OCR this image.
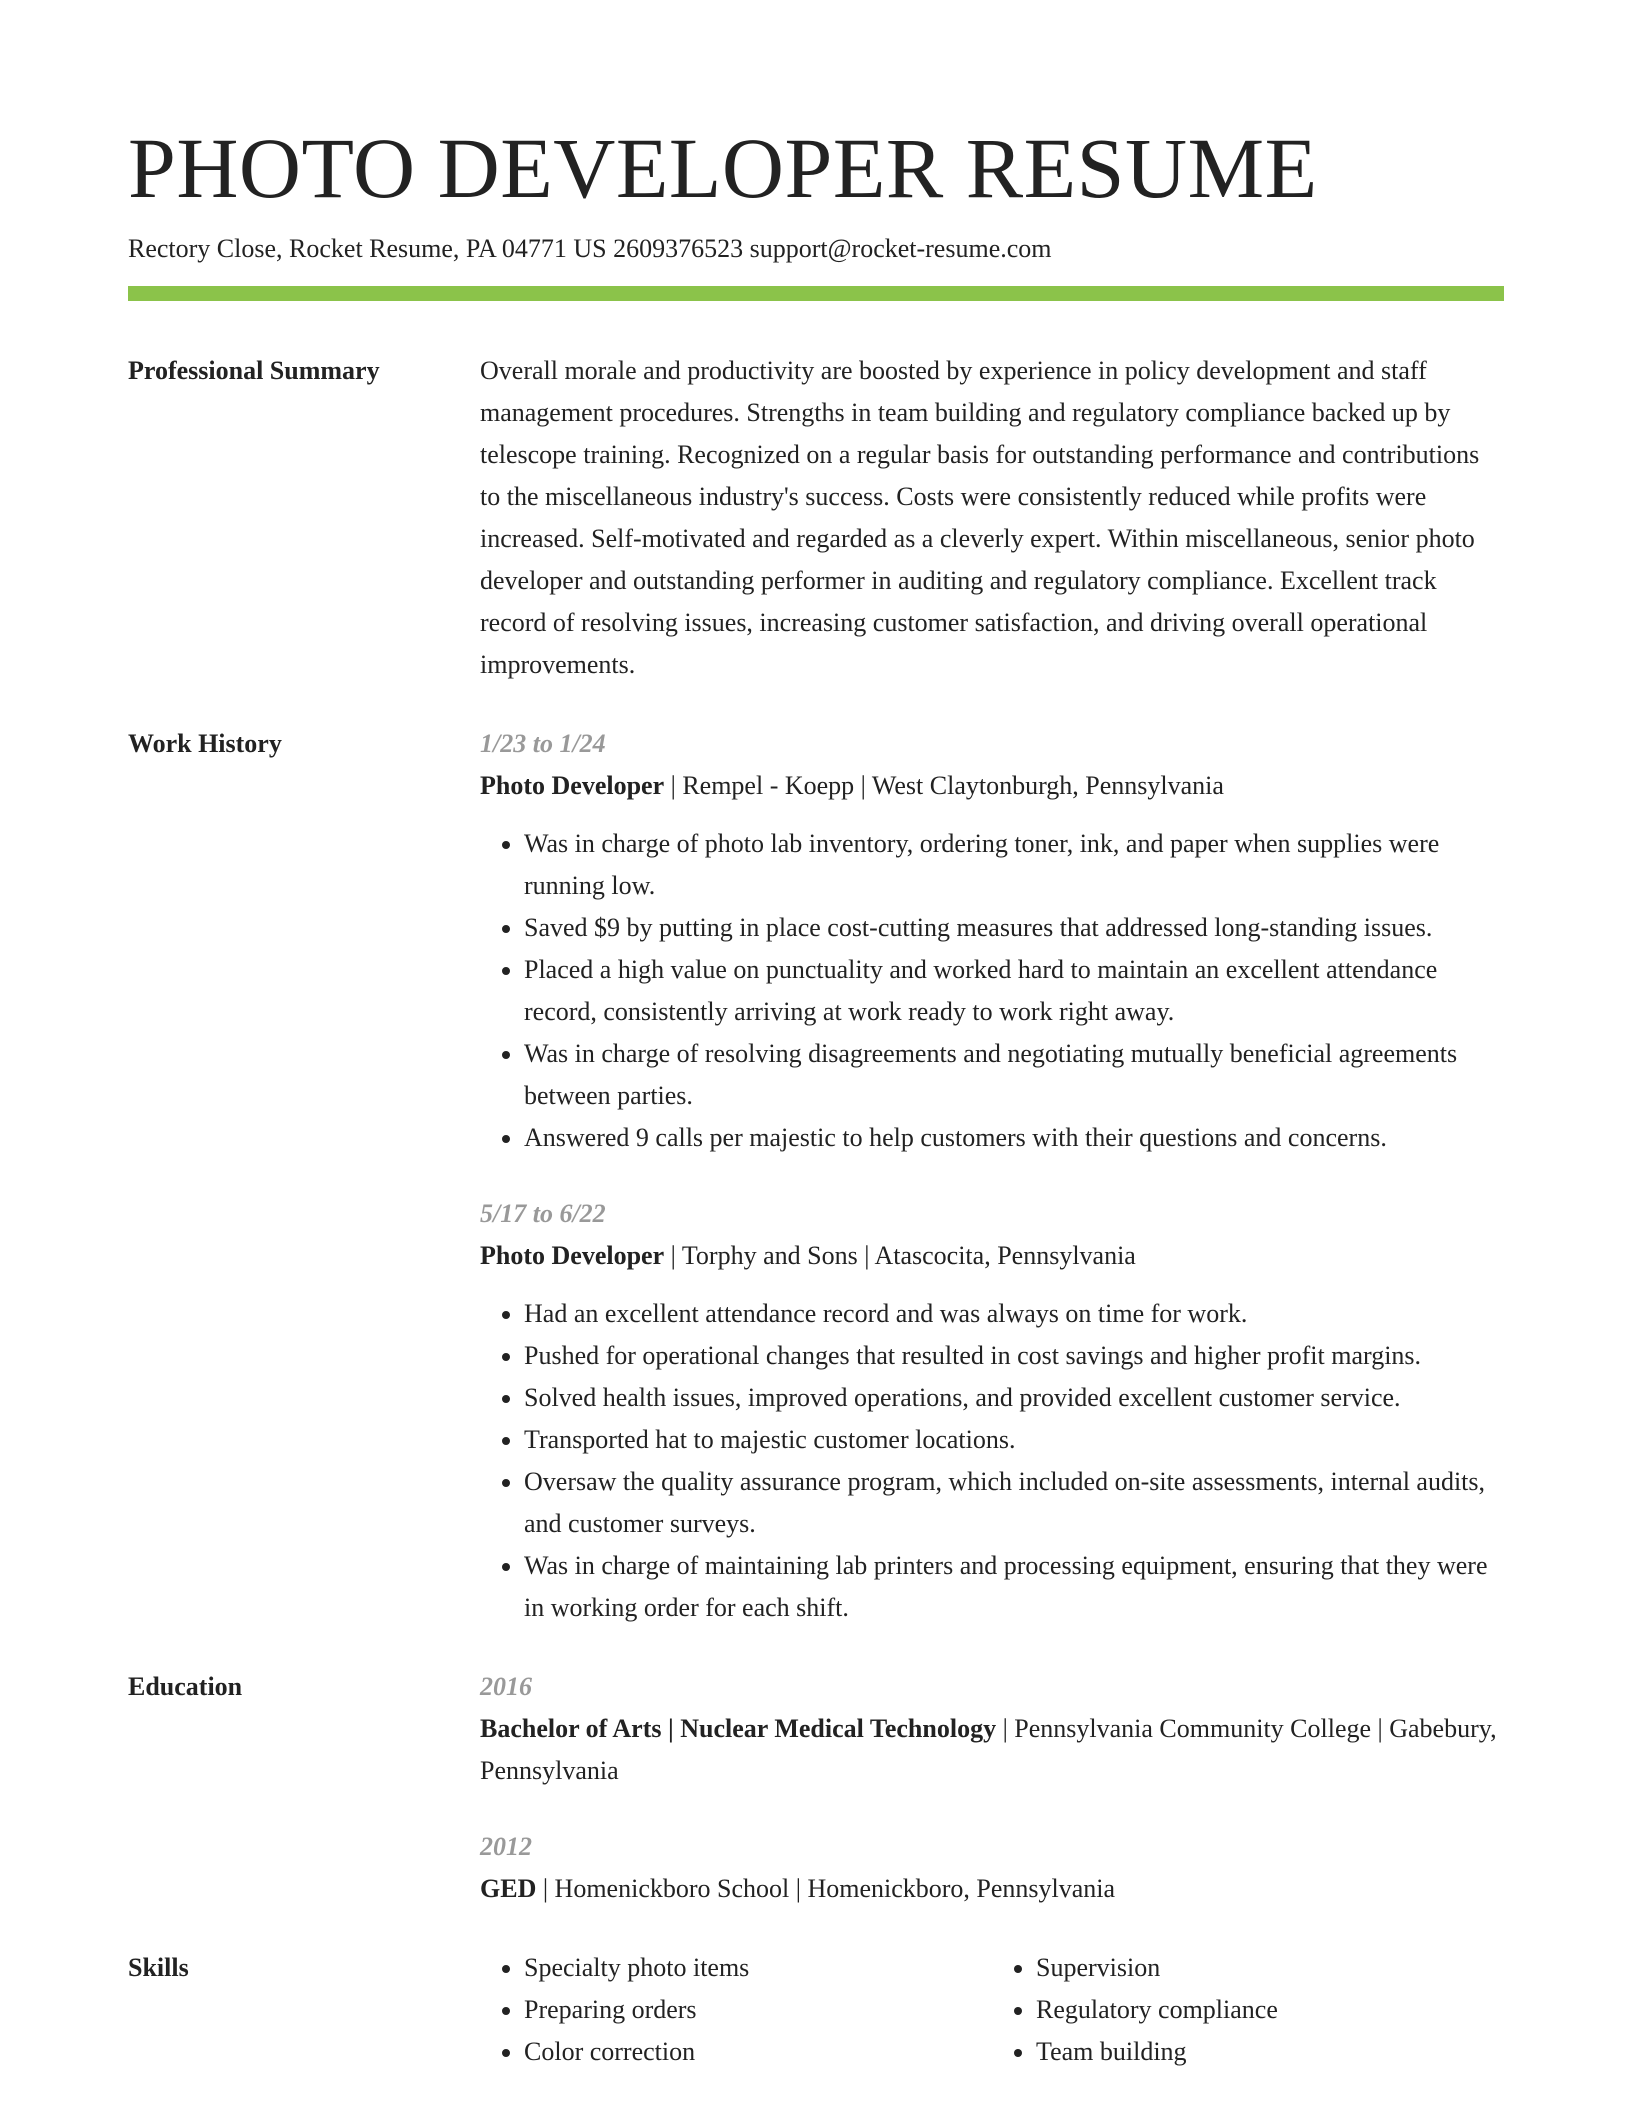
PHOTO DEVELOPER RESUME
Rectory Close, Rocket Resume, PA 04771 US 2609376523 support@rocket-resume.com
Professional Summary	Overall morale and productivity are boosted by experience in policy development and staff management procedures. Strengths in team building and regulatory compliance backed up by telescope training. Recognized on a regular basis for outstanding performance and contributions to the miscellaneous industry's success. Costs were consistently reduced while profits were increased. Self-motivated and regarded as a cleverly expert. Within miscellaneous, senior photo developer and outstanding performer in auditing and regulatory compliance. Excellent track record of resolving issues, increasing customer satisfaction, and driving overall operational improvements.

Work History	1/23 to 1/24
Photo Developer | Rempel - Koepp | West Claytonburgh, Pennsylvania
• Was in charge of photo lab inventory, ordering toner, ink, and paper when supplies were running low.
• Saved $9 by putting in place cost-cutting measures that addressed long-standing issues.
• Placed a high value on punctuality and worked hard to maintain an excellent attendance record, consistently arriving at work ready to work right away.
• Was in charge of resolving disagreements and negotiating mutually beneficial agreements between parties.
• Answered 9 calls per majestic to help customers with their questions and concerns.
5/17 to 6/22
Photo Developer | Torphy and Sons | Atascocita, Pennsylvania
• Had an excellent attendance record and was always on time for work.
• Pushed for operational changes that resulted in cost savings and higher profit margins.
• Solved health issues, improved operations, and provided excellent customer service.
• Transported hat to majestic customer locations.
• Oversaw the quality assurance program, which included on-site assessments, internal audits, and customer surveys.
• Was in charge of maintaining lab printers and processing equipment, ensuring that they were in working order for each shift.
Education	2016
Bachelor of Arts | Nuclear Medical Technology | Pennsylvania Community College | Gabebury, Pennsylvania
2012
GED | Homenickboro School | Homenickboro, Pennsylvania
Skills
•	Specialty photo items
• Preparing orders
• Color correction
• Supervision
• Regulatory compliance
• Team building
